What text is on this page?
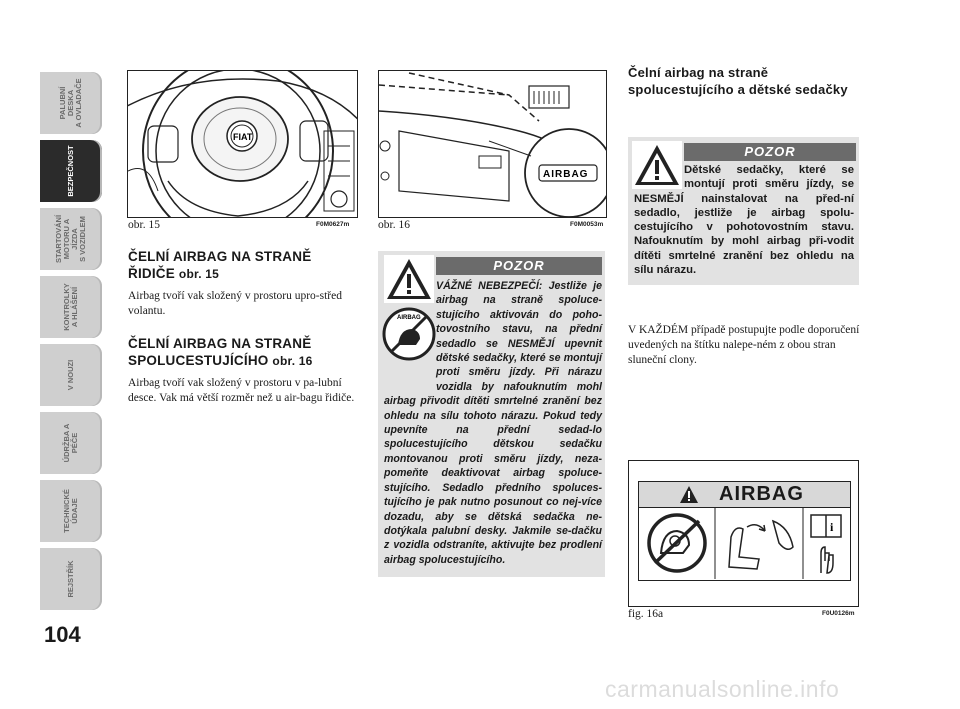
PALUBNÍ DESKA
A OVLADAČE
BEZPEČNOST
STARTOVÁNÍ
MOTORU A JÍZDA
S VOZIDLEM
KONTROLKY
A HLÁŠENÍ
V NOUZI
ÚDRŽBA A PÉČE
TECHNICKÉ ÚDAJE
REJSTŘÍK
104
FIAT
obr. 15	F0M0627m
AIRBAG
obr. 16	F0M0053m
ČELNÍ AIRBAG NA STRANĚ
ŘIDIČE obr. 15
Airbag tvoří vak složený v prostoru upro-střed volantu.
ČELNÍ AIRBAG NA STRANĚ
SPOLUCESTUJÍCÍHO obr. 16
Airbag tvoří vak složený v prostoru v pa-lubní desce. Vak má větší rozměr než u air-bagu řidiče.
POZOR
AIRBAG
VÁŽNÉ NEBEZPEČÍ: Jestliže je airbag na straně spoluce-stujícího aktivován do poho-tovostního stavu, na přední sedadlo se NESMĚJÍ upevnit dětské sedačky, které se montují proti směru jízdy. Při nárazu vozidla by nafouknutím mohl airbag přivodit dítěti smrtelné zranění bez ohledu na sílu tohoto nárazu. Pokud tedy upevníte na přední sedad-lo spolucestujícího dětskou sedačku montovanou proti směru jízdy, neza-pomeňte deaktivovat airbag spoluce-stujícího. Sedadlo předního spoluces-tujícího je pak nutno posunout co nej-více dozadu, aby se dětská sedačka ne-dotýkala palubní desky. Jakmile se-dačku z vozidla odstraníte, aktivujte bez prodlení airbag spolucestujícího.
Čelní airbag na straně
spolucestujícího a dětské sedačky
POZOR
Dětské sedačky, které se montují proti směru jízdy, se NESMĚJÍ nainstalovat na před-ní sedadlo, jestliže je airbag spolu-cestujícího v pohotovostním stavu. Nafouknutím by mohl airbag při-vodit dítěti smrtelné zranění bez ohledu na sílu nárazu.
V KAŽDÉM případě postupujte podle doporučení uvedených na štítku nalepe-ném z obou stran sluneční clony.
AIRBAG
i
fig. 16a	F0U0126m
carmanualsonline.info
